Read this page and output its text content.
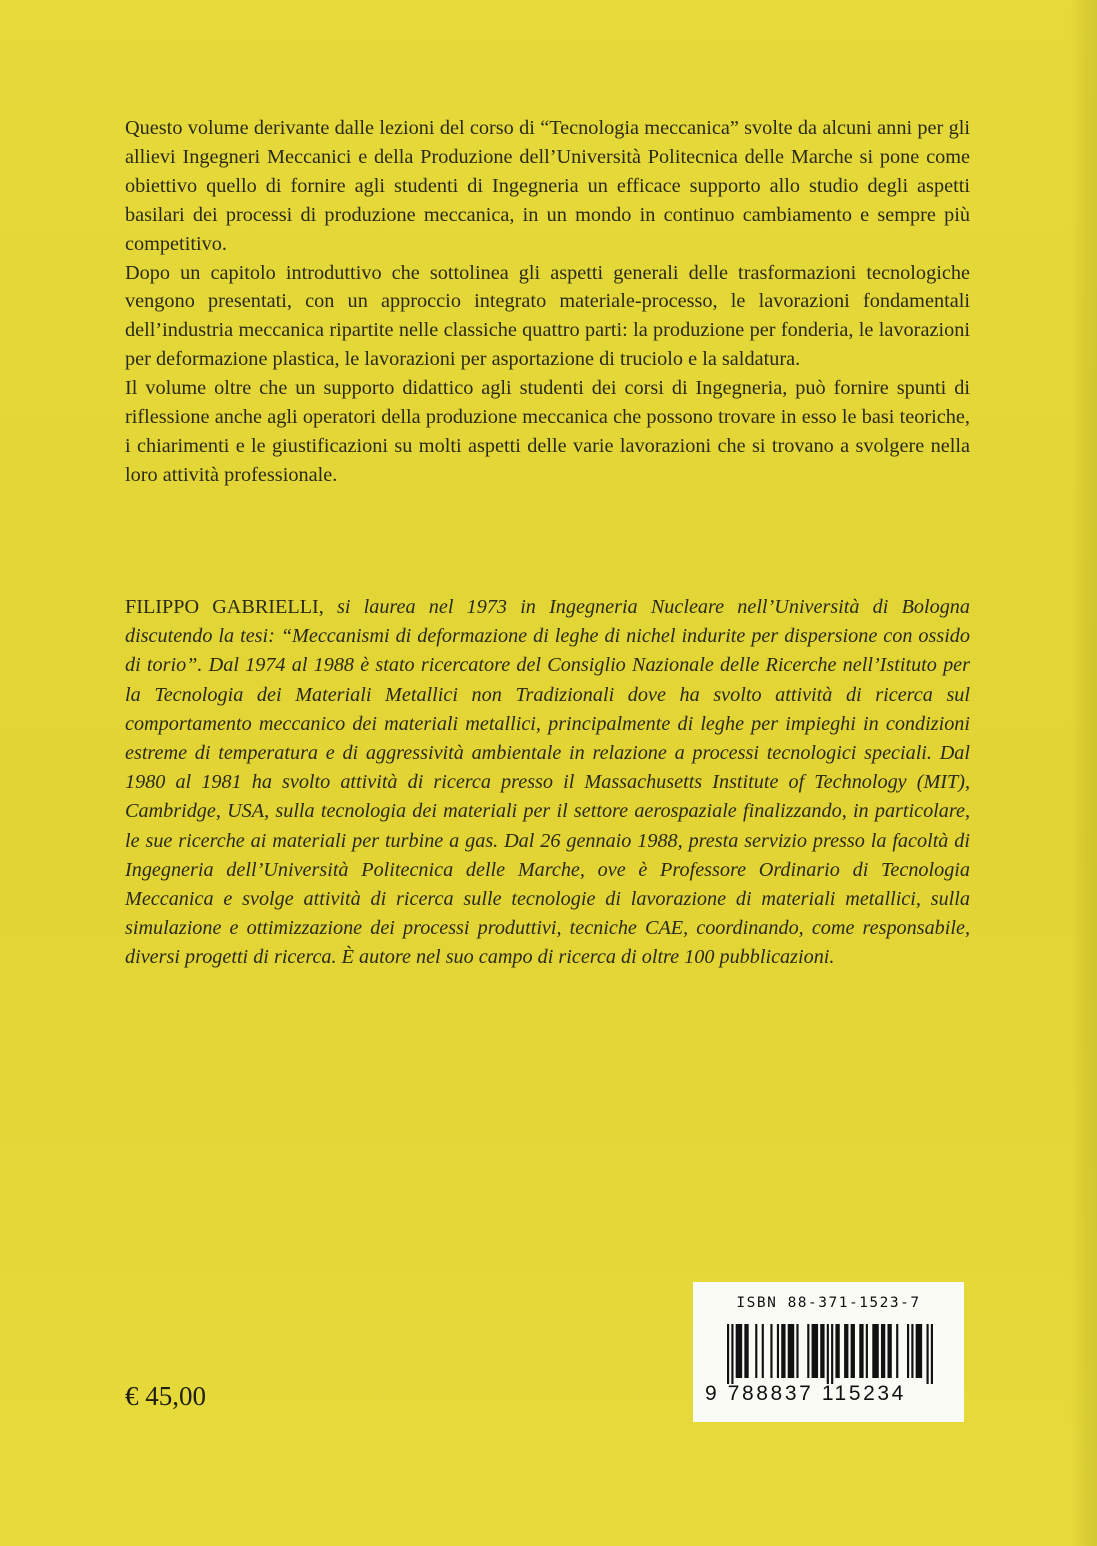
Questo volume derivante dalle lezioni del corso di “Tecnologia meccanica” svolte da alcuni anni per gli allievi Ingegneri Meccanici e della Produzione dell’Università Politecnica delle Marche si pone come obiettivo quello di fornire agli studenti di Ingegneria un efficace supporto allo studio degli aspetti basilari dei processi di produzione meccanica, in un mondo in continuo cambiamento e sempre più competitivo.

Dopo un capitolo introduttivo che sottolinea gli aspetti generali delle trasformazioni tecnologiche vengono presentati, con un approccio integrato materiale-processo, le lavorazioni fondamentali dell’industria meccanica ripartite nelle classiche quattro parti: la produzione per fonderia, le lavorazioni per deformazione plastica, le lavorazioni per asportazione di truciolo e la saldatura.

Il volume oltre che un supporto didattico agli studenti dei corsi di Ingegneria, può fornire spunti di riflessione anche agli operatori della produzione meccanica che possono trovare in esso le basi teoriche, i chiarimenti e le giustificazioni su molti aspetti delle varie lavorazioni che si trovano a svolgere nella loro attività professionale.

FILIPPO GABRIELLI, si laurea nel 1973 in Ingegneria Nucleare nell’Università di Bologna discutendo la tesi: “Meccanismi di deformazione di leghe di nichel indurite per dispersione con ossido di torio”. Dal 1974 al 1988 è stato ricercatore del Consiglio Nazionale delle Ricerche nell’Istituto per la Tecnologia dei Materiali Metallici non Tradizionali dove ha svolto attività di ricerca sul comportamento meccanico dei materiali metallici, principalmente di leghe per impieghi in condizioni estreme di temperatura e di aggressività ambientale in relazione a processi tecnologici speciali. Dal 1980 al 1981 ha svolto attività di ricerca presso il Massachusetts Institute of Technology (MIT), Cambridge, USA, sulla tecnologia dei materiali per il settore aerospaziale finalizzando, in particolare, le sue ricerche ai materiali per turbine a gas. Dal 26 gennaio 1988, presta servizio presso la facoltà di Ingegneria dell’Università Politecnica delle Marche, ove è Professore Ordinario di Tecnologia Meccanica e svolge attività di ricerca sulle tecnologie di lavorazione di materiali metallici, sulla simulazione e ottimizzazione dei processi produttivi, tecniche CAE, coordinando, come responsabile, diversi progetti di ricerca. È autore nel suo campo di ricerca di oltre 100 pubblicazioni.
€ 45,00
ISBN 88-371-1523-7
9 788837 115234
